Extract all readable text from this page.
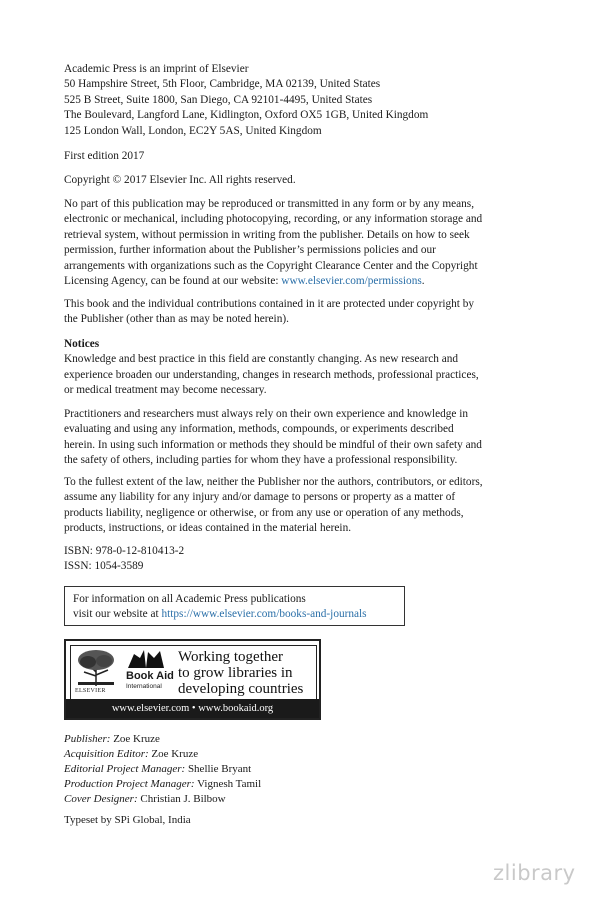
Academic Press is an imprint of Elsevier
50 Hampshire Street, 5th Floor, Cambridge, MA 02139, United States
525 B Street, Suite 1800, San Diego, CA 92101-4495, United States
The Boulevard, Langford Lane, Kidlington, Oxford OX5 1GB, United Kingdom
125 London Wall, London, EC2Y 5AS, United Kingdom

First edition 2017

Copyright © 2017 Elsevier Inc. All rights reserved.

No part of this publication may be reproduced or transmitted in any form or by any means,
electronic or mechanical, including photocopying, recording, or any information storage and
retrieval system, without permission in writing from the publisher. Details on how to seek
permission, further information about the Publisher’s permissions policies and our
arrangements with organizations such as the Copyright Clearance Center and the Copyright
Licensing Agency, can be found at our website: www.elsevier.com/permissions.

This book and the individual contributions contained in it are protected under copyright by
the Publisher (other than as may be noted herein).

Notices

Knowledge and best practice in this field are constantly changing. As new research and
experience broaden our understanding, changes in research methods, professional practices,
or medical treatment may become necessary.

Practitioners and researchers must always rely on their own experience and knowledge in
evaluating and using any information, methods, compounds, or experiments described
herein. In using such information or methods they should be mindful of their own safety and
the safety of others, including parties for whom they have a professional responsibility.

To the fullest extent of the law, neither the Publisher nor the authors, contributors, or editors,
assume any liability for any injury and/or damage to persons or property as a matter of
products liability, negligence or otherwise, or from any use or operation of any methods,
products, instructions, or ideas contained in the material herein.

ISBN: 978-0-12-810413-2
ISSN: 1054-3589

For information on all Academic Press publications
visit our website at https://www.elsevier.com/books-and-journals

ELSEVIER
Book Aid
International
Working together
to grow libraries in
developing countries
www.elsevier.com • www.bookaid.org

Publisher: Zoe Kruze
Acquisition Editor: Zoe Kruze
Editorial Project Manager: Shellie Bryant
Production Project Manager: Vignesh Tamil
Cover Designer: Christian J. Bilbow

Typeset by SPi Global, India

zlibrary
